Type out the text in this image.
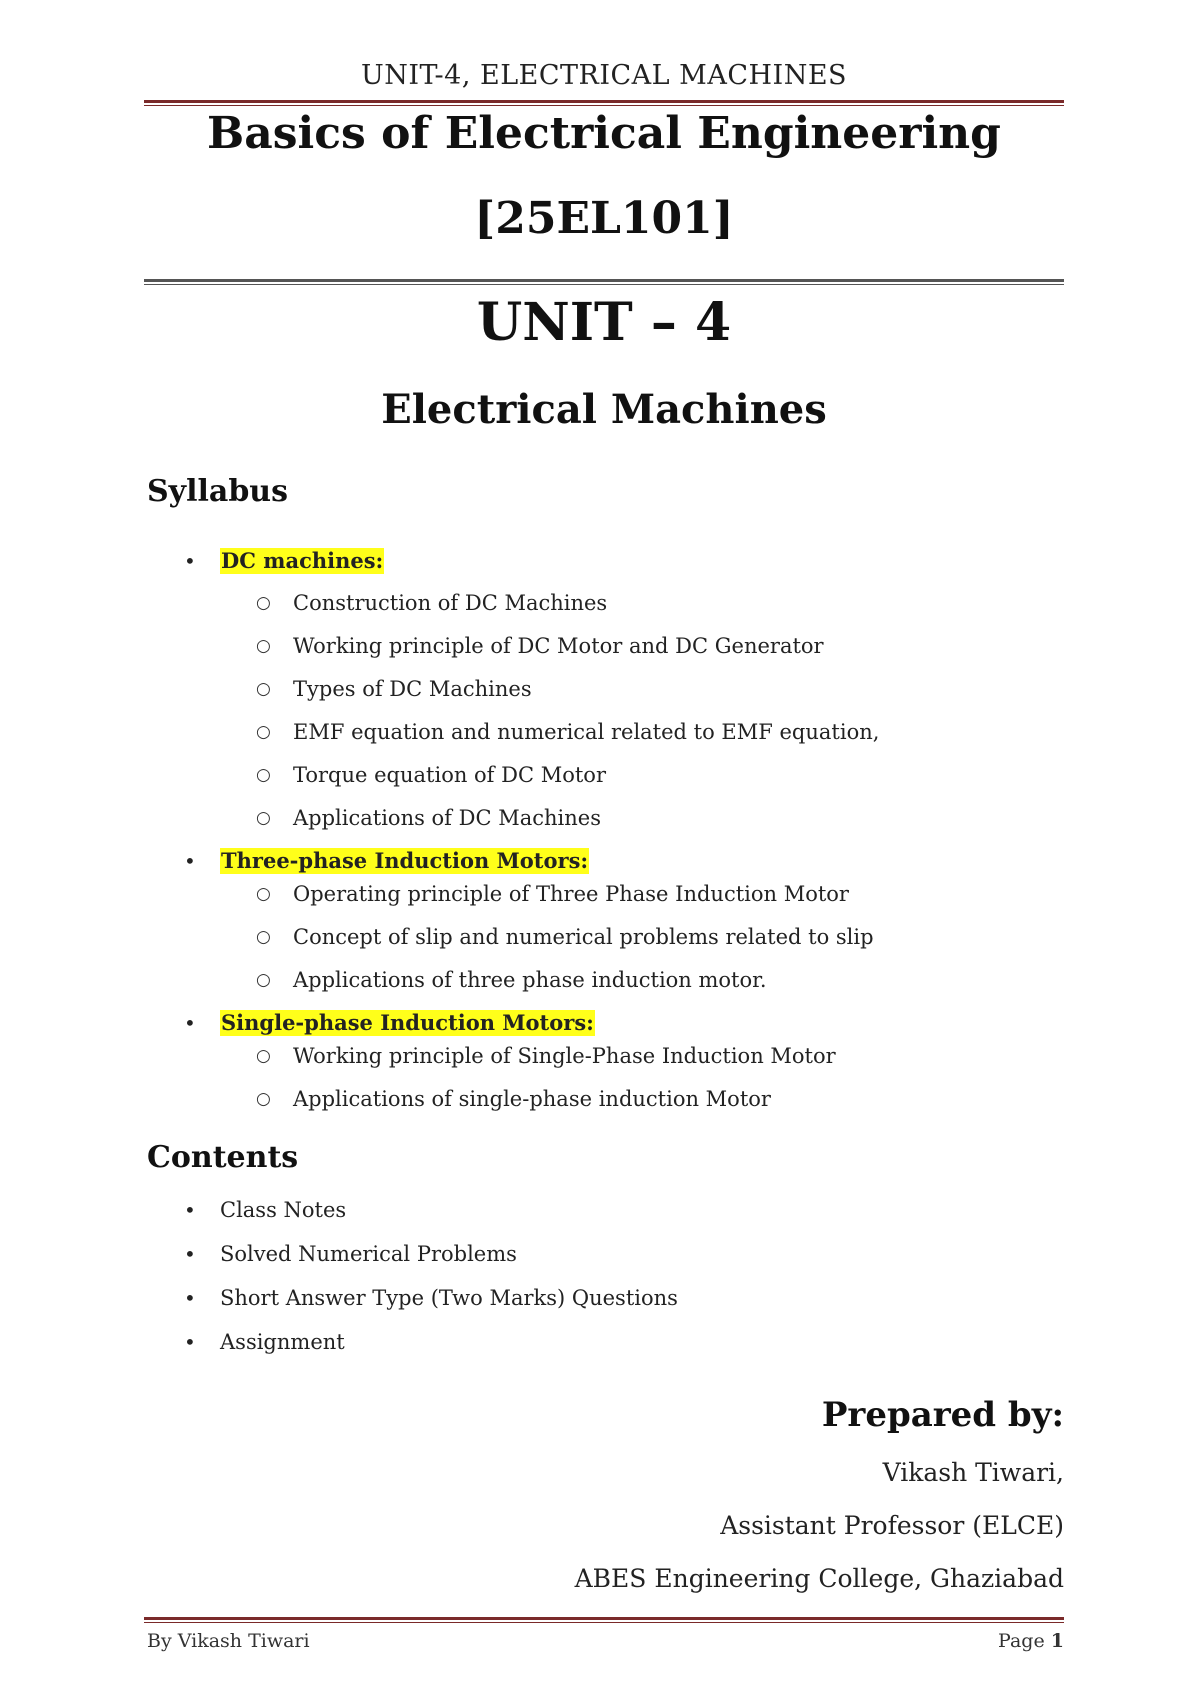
UNIT-4, ELECTRICAL MACHINES
Basics of Electrical Engineering
[25EL101]
UNIT – 4
Electrical Machines
Syllabus
• DC machines:
○ Construction of DC Machines
○ Working principle of DC Motor and DC Generator
○ Types of DC Machines
○ EMF equation and numerical related to EMF equation,
○ Torque equation of DC Motor
○ Applications of DC Machines
• Three-phase Induction Motors:
○ Operating principle of Three Phase Induction Motor
○ Concept of slip and numerical problems related to slip
○ Applications of three phase induction motor.
• Single-phase Induction Motors:
○ Working principle of Single-Phase Induction Motor
○ Applications of single-phase induction Motor
Contents
• Class Notes
• Solved Numerical Problems
• Short Answer Type (Two Marks) Questions
• Assignment
Prepared by:
Vikash Tiwari,
Assistant Professor (ELCE)
ABES Engineering College, Ghaziabad
By Vikash Tiwari	Page 1
